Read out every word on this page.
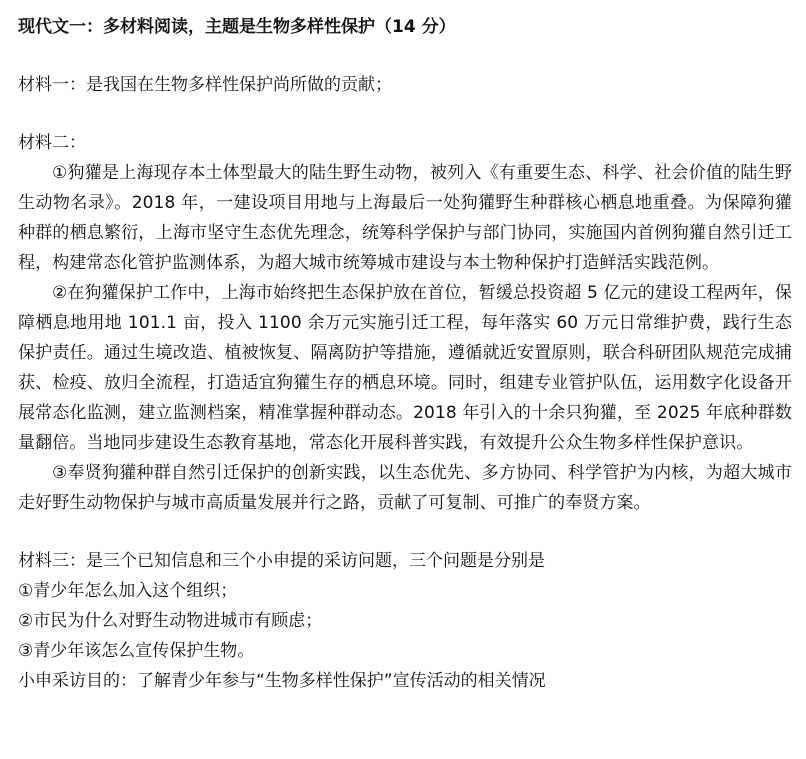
现代文一：多材料阅读，主题是生物多样性保护（14 分）

材料一：是我国在生物多样性保护尚所做的贡献；

材料二：

①狗獾是上海现存本土体型最大的陆生野生动物，被列入《有重要生态、科学、社会价值的陆生野生动物名录》。2018 年，一建设项目用地与上海最后一处狗獾野生种群核心栖息地重叠。为保障狗獾种群的栖息繁衍，上海市坚守生态优先理念，统筹科学保护与部门协同，实施国内首例狗獾自然引迁工程，构建常态化管护监测体系，为超大城市统筹城市建设与本土物种保护打造鲜活实践范例。

②在狗獾保护工作中，上海市始终把生态保护放在首位，暂缓总投资超 5 亿元的建设工程两年，保障栖息地用地 101.1 亩，投入 1100 余万元实施引迁工程，每年落实 60 万元日常维护费，践行生态保护责任。通过生境改造、植被恢复、隔离防护等措施，遵循就近安置原则，联合科研团队规范完成捕获、检疫、放归全流程，打造适宜狗獾生存的栖息环境。同时，组建专业管护队伍，运用数字化设备开展常态化监测，建立监测档案，精准掌握种群动态。2018 年引入的十余只狗獾，至 2025 年底种群数量翻倍。当地同步建设生态教育基地，常态化开展科普实践，有效提升公众生物多样性保护意识。

③奉贤狗獾种群自然引迁保护的创新实践，以生态优先、多方协同、科学管护为内核，为超大城市走好野生动物保护与城市高质量发展并行之路，贡献了可复制、可推广的奉贤方案。

材料三：是三个已知信息和三个小申提的采访问题，三个问题是分别是

①青少年怎么加入这个组织；

②市民为什么对野生动物进城市有顾虑；

③青少年该怎么宣传保护生物。

小申采访目的：了解青少年参与“生物多样性保护”宣传活动的相关情况
